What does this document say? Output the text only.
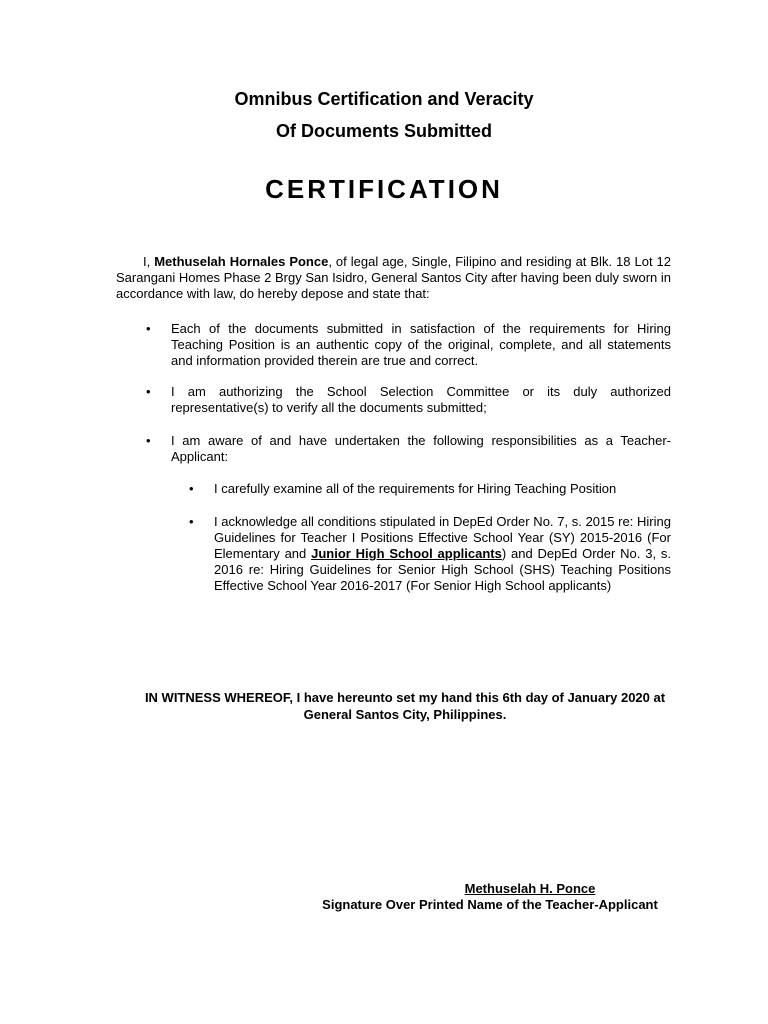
Omnibus Certification and Veracity
Of Documents Submitted
CERTIFICATION
I, Methuselah Hornales Ponce, of legal age, Single, Filipino and residing at Blk. 18 Lot 12 Sarangani Homes Phase 2 Brgy San Isidro, General Santos City after having been duly sworn in accordance with law, do hereby depose and state that:
• Each of the documents submitted in satisfaction of the requirements for Hiring Teaching Position is an authentic copy of the original, complete, and all statements and information provided therein are true and correct.
• I am authorizing the School Selection Committee or its duly authorized representative(s) to verify all the documents submitted;
• I am aware of and have undertaken the following responsibilities as a Teacher-Applicant:
• I carefully examine all of the requirements for Hiring Teaching Position
• I acknowledge all conditions stipulated in DepEd Order No. 7, s. 2015 re: Hiring Guidelines for Teacher I Positions Effective School Year (SY) 2015-2016 (For Elementary and Junior High School applicants) and DepEd Order No. 3, s. 2016 re: Hiring Guidelines for Senior High School (SHS) Teaching Positions Effective School Year 2016-2017 (For Senior High School applicants)
IN WITNESS WHEREOF, I have hereunto set my hand this 6th day of January 2020 at
General Santos City, Philippines.
Methuselah H. Ponce
Signature Over Printed Name of the Teacher-Applicant
